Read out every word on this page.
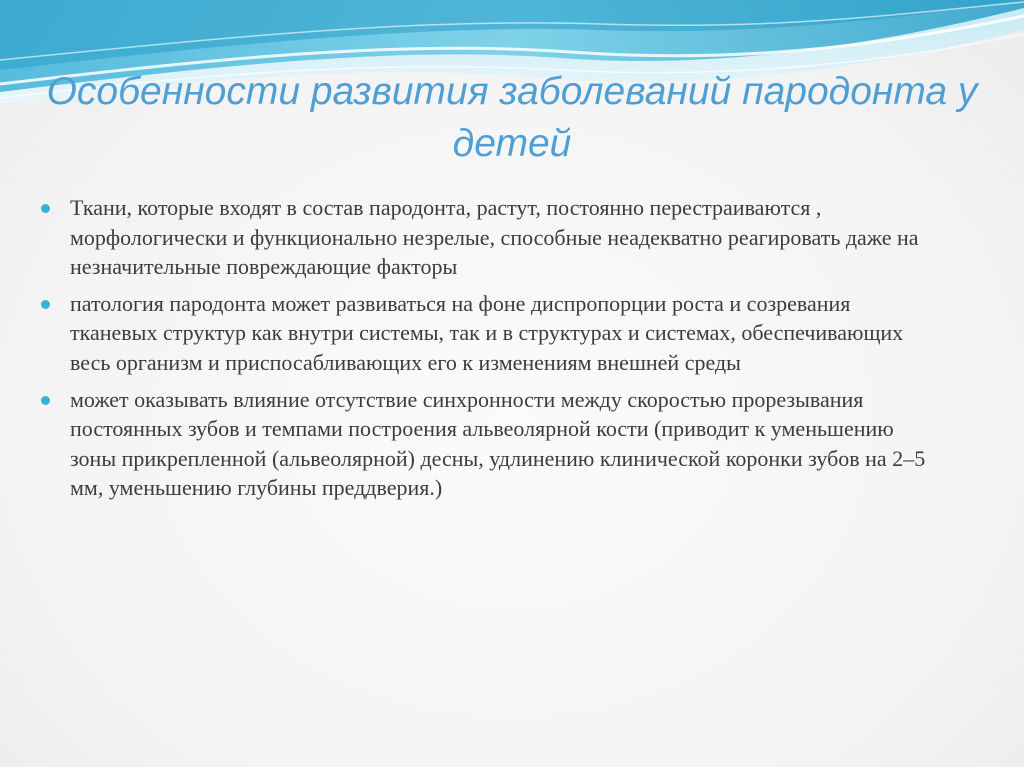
Особенности развития заболеваний пародонта у детей
Ткани, которые входят в состав пародонта, растут, постоянно перестраиваются , морфологически и функционально незрелые, способные неадекватно реагировать даже на незначительные повреждающие факторы
патология пародонта может развиваться на фоне диспропорции роста и созревания тканевых структур как внутри системы, так и в структурах и системах, обеспечивающих весь организм и приспосабливающих его к изменениям внешней среды
может оказывать влияние отсутствие синхронности между скоростью прорезывания постоянных зубов и темпами построения альвеолярной кости (приводит к уменьшению зоны прикрепленной (альвеолярной) десны, удлинению клинической коронки зубов на 2–5 мм, уменьшению глубины преддверия.)
